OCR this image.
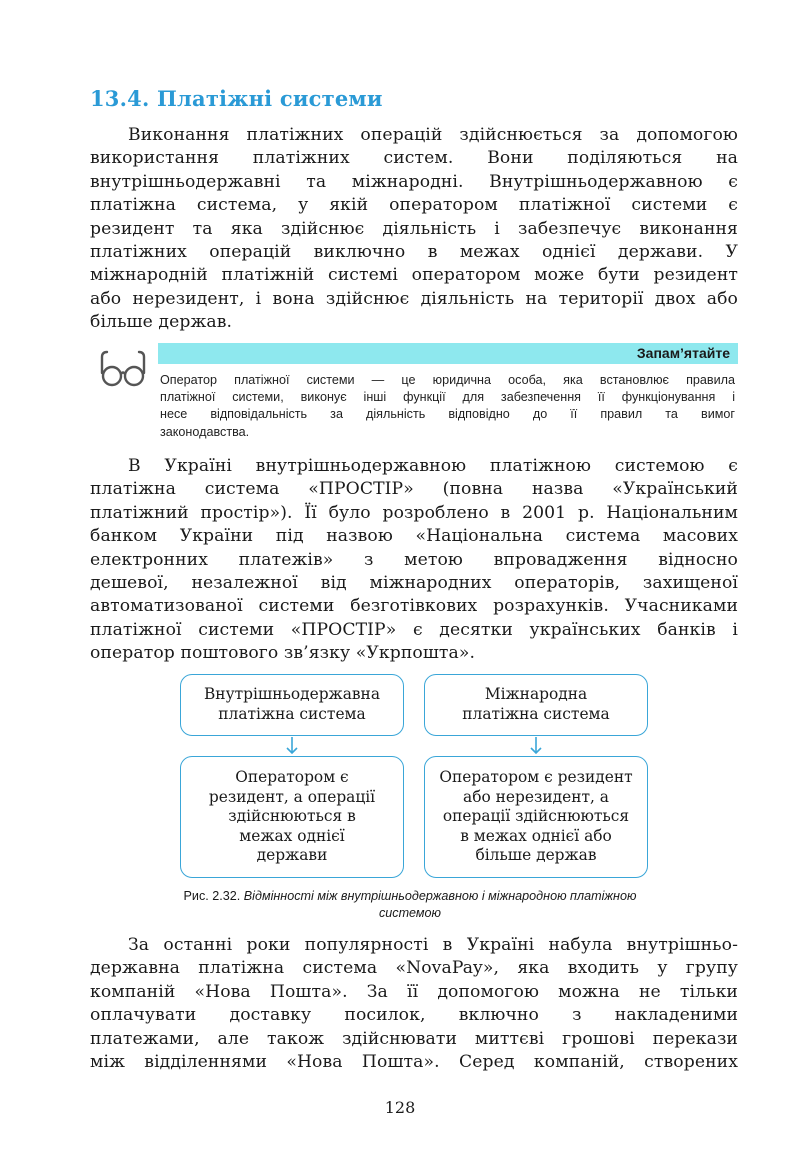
13.4. Платіжні системи

Виконання платіжних операцій здійснюється за допомогою
використання платіжних систем. Вони поділяються на
внутрішньодержавні та міжнародні. Внутрішньодержавною є
платіжна система, у якій оператором платіжної системи є
резидент та яка здійснює діяльність і забезпечує виконання
платіжних операцій виключно в межах однієї держави. У
міжнародній платіжній системі оператором може бути резидент
або нерезидент, і вона здійснює діяльність на території двох або
більше держав.

Запам’ятайте

Оператор платіжної системи — це юридична особа, яка встановлює правила
платіжної системи, виконує інші функції для забезпечення її функціонування і
несе відповідальність за діяльність відповідно до її правил та вимог
законодавства.

В Україні внутрішньодержавною платіжною системою є
платіжна система «ПРОСТІР» (повна назва «Український
платіжний простір»). Її було розроблено в 2001 р. Національним
банком України під назвою «Національна система масових
електронних платежів» з метою впровадження відносно
дешевої, незалежної від міжнародних операторів, захищеної
автоматизованої системи безготівкових розрахунків. Учасниками
платіжної системи «ПРОСТІР» є десятки українських банків і
оператор поштового зв’язку «Укрпошта».

Внутрішньодержавна
платіжна система
Міжнародна
платіжна система
Оператором є
резидент, а операції
здійснюються в
межах однієї
держави
Оператором є резидент
або нерезидент, а
операції здійснюються
в межах однієї або
більше держав

Рис. 2.32. Відмінності між внутрішньодержавною і міжнародною платіжною
системою

За останні роки популярності в Україні набула внутрішньо-
державна платіжна система «NovaPay», яка входить у групу
компаній «Нова Пошта». За її допомогою можна не тільки
оплачувати доставку посилок, включно з накладеними
платежами, але також здійснювати миттєві грошові перекази
між відділеннями «Нова Пошта». Серед компаній, створених

128
